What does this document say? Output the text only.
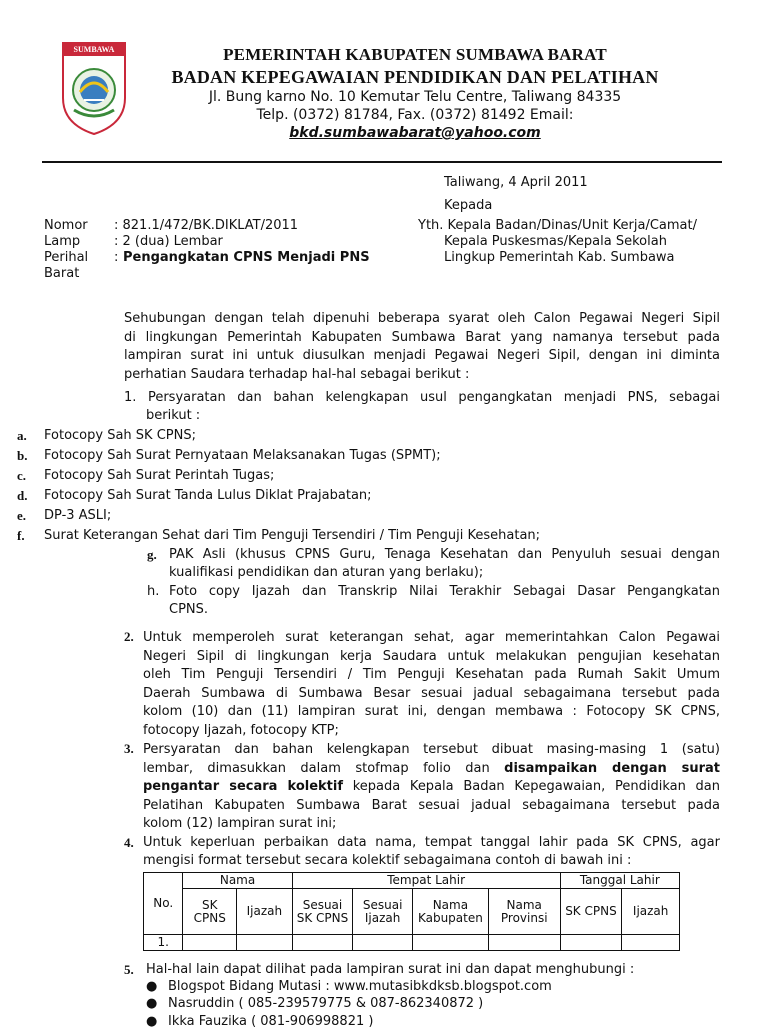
SUMBAWA BARAT	PEMERINTAH KABUPATEN SUMBAWA BARAT
BADAN KEPEGAWAIAN PENDIDIKAN DAN PELATIHAN
Jl. Bung karno No. 10 Kemutar Telu Centre, Taliwang 84335
Telp. (0372) 81784, Fax. (0372) 81492 Email:
bkd.sumbawabarat@yahoo.com
Taliwang, 4 April 2011
Kepada
Yth. Kepala Badan/Dinas/Unit Kerja/Camat/
Kepala Puskesmas/Kepala Sekolah
Lingkup Pemerintah Kab. Sumbawa
Nomor : 821.1/472/BK.DIKLAT/2011
Lamp	: 2 (dua) Lembar
Perihal : Pengangkatan CPNS Menjadi PNS
Barat
Sehubungan dengan telah dipenuhi beberapa syarat oleh Calon Pegawai Negeri Sipil
di lingkungan Pemerintah Kabupaten Sumbawa Barat yang namanya tersebut pada
lampiran surat ini untuk diusulkan menjadi Pegawai Negeri Sipil, dengan ini diminta
perhatian Saudara terhadap hal-hal sebagai berikut :
1. Persyaratan dan bahan kelengkapan usul pengangkatan menjadi PNS, sebagai
berikut :
a. Fotocopy Sah SK CPNS;
b. Fotocopy Sah Surat Pernyataan Melaksanakan Tugas (SPMT);
c. Fotocopy Sah Surat Perintah Tugas;
d. Fotocopy Sah Surat Tanda Lulus Diklat Prajabatan;
e. DP-3 ASLI;
f. Surat Keterangan Sehat dari Tim Penguji Tersendiri / Tim Penguji Kesehatan;
g. PAK Asli (khusus CPNS Guru, Tenaga Kesehatan dan Penyuluh sesuai dengan
kualifikasi pendidikan dan aturan yang berlaku);
h. Foto copy Ijazah dan Transkrip Nilai Terakhir Sebagai Dasar Pengangkatan
CPNS.
2. Untuk memperoleh surat keterangan sehat, agar memerintahkan Calon Pegawai
Negeri Sipil di lingkungan kerja Saudara untuk melakukan pengujian kesehatan
oleh Tim Penguji Tersendiri / Tim Penguji Kesehatan pada Rumah Sakit Umum
Daerah Sumbawa di Sumbawa Besar sesuai jadual sebagaimana tersebut pada
kolom (10) dan (11) lampiran surat ini, dengan membawa : Fotocopy SK CPNS,
fotocopy Ijazah, fotocopy KTP;
3. Persyaratan dan bahan kelengkapan tersebut dibuat masing-masing 1 (satu)
lembar, dimasukkan dalam stofmap folio dan disampaikan dengan surat
pengantar secara kolektif kepada Kepala Badan Kepegawaian, Pendidikan dan
Pelatihan Kabupaten Sumbawa Barat sesuai jadual sebagaimana tersebut pada
kolom (12) lampiran surat ini;
4. Untuk keperluan perbaikan data nama, tempat tanggal lahir pada SK CPNS, agar
mengisi format tersebut secara kolektif sebagaimana contoh di bawah ini :
No.	Nama		Tempat Lahir				Tanggal Lahir	
	SK CPNS	Ijazah	Sesuai SK CPNS	Sesuai Ijazah	Nama Kabupaten	Nama Provinsi	SK CPNS	Ijazah
1.								
5. Hal-hal lain dapat dilihat pada lampiran surat ini dan dapat menghubungi :
● Blogspot Bidang Mutasi : www.mutasibkdksb.blogspot.com
● Nasruddin ( 085-239579775 & 087-862340872 )
● Ikka Fauzika ( 081-906998821 )
